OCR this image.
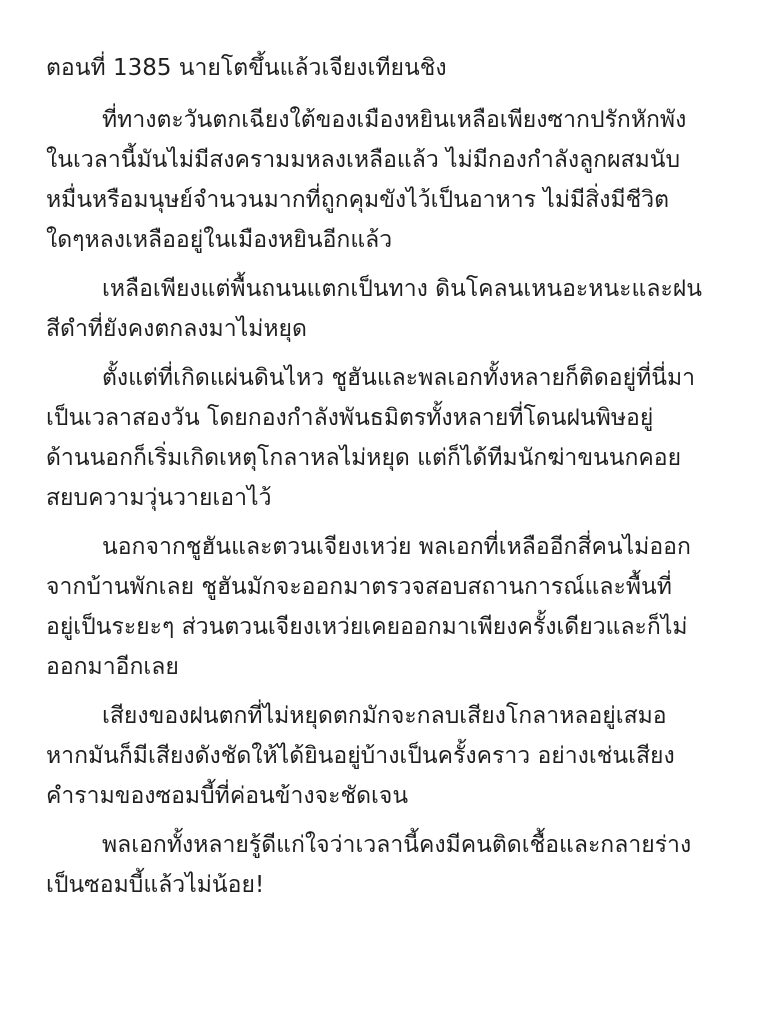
ตอนที่ 1385 นายโตขึ้นแล้วเจียงเทียนชิง
ที่ทางตะวันตกเฉียงใต้ของเมืองหยินเหลือเพียงซากปรักหักพัง
ในเวลานี้มันไม่มีสงครามมหลงเหลือแล้ว ไม่มีกองกำลังลูกผสมนับ
หมื่นหรือมนุษย์จำนวนมากที่ถูกคุมขังไว้เป็นอาหาร ไม่มีสิ่งมีชีวิต
ใดๆหลงเหลืออยู่ในเมืองหยินอีกแล้ว
เหลือเพียงแต่พื้นถนนแตกเป็นทาง ดินโคลนเหนอะหนะและฝน
สีดำที่ยังคงตกลงมาไม่หยุด
ตั้งแต่ที่เกิดแผ่นดินไหว ชูฮันและพลเอกทั้งหลายก็ติดอยู่ที่นี่มา
เป็นเวลาสองวัน โดยกองกำลังพันธมิตรทั้งหลายที่โดนฝนพิษอยู่
ด้านนอกก็เริ่มเกิดเหตุโกลาหลไม่หยุด แต่ก็ได้ทีมนักฆ่าขนนกคอย
สยบความวุ่นวายเอาไว้
นอกจากชูฮันและตวนเจียงเหว่ย พลเอกที่เหลืออีกสี่คนไม่ออก
จากบ้านพักเลย ชูฮันมักจะออกมาตรวจสอบสถานการณ์และพื้นที่
อยู่เป็นระยะๆ ส่วนตวนเจียงเหว่ยเคยออกมาเพียงครั้งเดียวและก็ไม่
ออกมาอีกเลย
เสียงของฝนตกที่ไม่หยุดตกมักจะกลบเสียงโกลาหลอยู่เสมอ
หากมันก็มีเสียงดังชัดให้ได้ยินอยู่บ้างเป็นครั้งคราว อย่างเช่นเสียง
คำรามของซอมบี้ที่ค่อนข้างจะชัดเจน
พลเอกทั้งหลายรู้ดีแก่ใจว่าเวลานี้คงมีคนติดเชื้อและกลายร่าง
เป็นซอมบี้แล้วไม่น้อย!
